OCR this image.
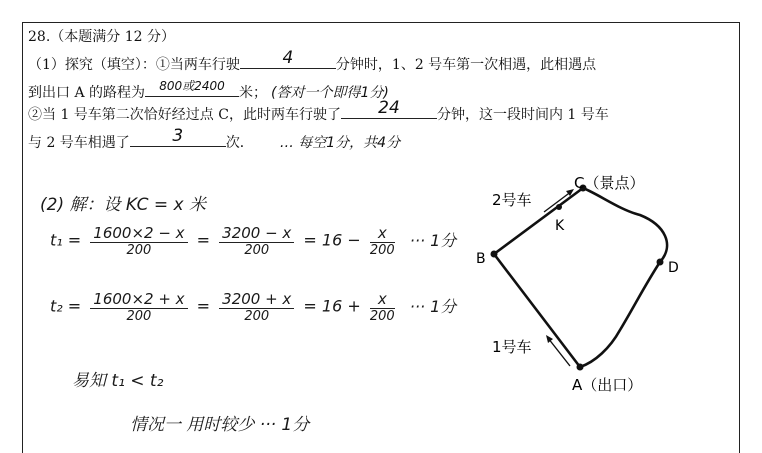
28.（本题满分 12 分）
（1）探究（填空）：①当两车行驶	4	分钟时，1、2 号车第一次相遇，此相遇点
到出口 A 的路程为	800或2400	米； (答对一个即得1分)
②当 1 号车第二次恰好经过点 C，此时两车行驶了	24	分钟，这一段时间内 1 号车
与 2 号车相遇了	3	次． … 每空1分，共4分
(2) 解：设 KC = x 米
$t_1 = \frac{1600\times 2 - x}{200} = \frac{3200 - x}{200} = 16 - \frac{x}{200}$ ··· 1分
$t_2 = \frac{1600\times 2 + x}{200} = \frac{3200 + x}{200} = 16 + \frac{x}{200}$ ··· 1分
易知 t₁ < t₂
情况一 用时较少 ··· 1分
2号车
C（景点）
K
B
D
1号车
A（出口）
